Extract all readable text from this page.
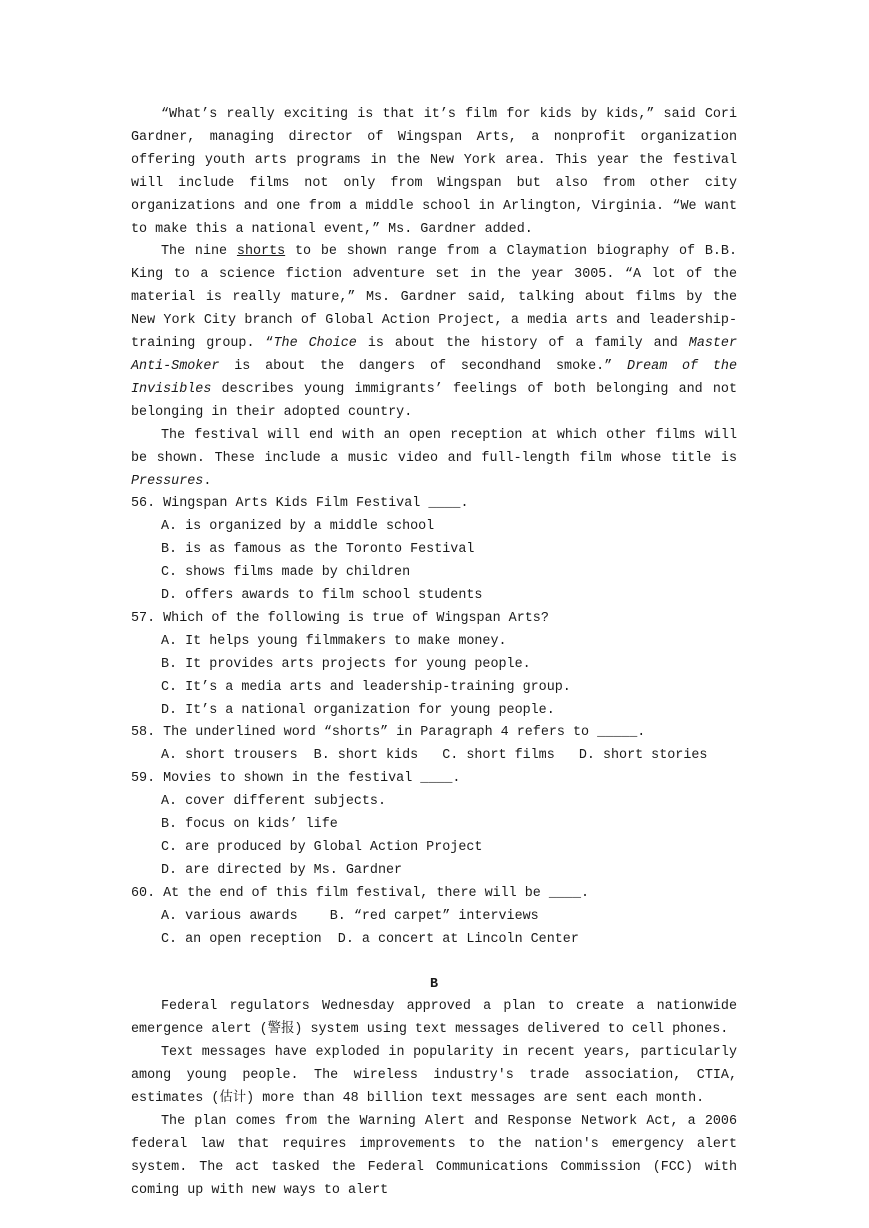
“What’s really exciting is that it’s film for kids by kids,” said Cori Gardner, managing director of Wingspan Arts, a nonprofit organization offering youth arts programs in the New York area. This year the festival will include films not only from Wingspan but also from other city organizations and one from a middle school in Arlington, Virginia. “We want to make this a national event,” Ms. Gardner added.

The nine shorts to be shown range from a Claymation biography of B.B. King to a science fiction adventure set in the year 3005. “A lot of the material is really mature,” Ms. Gardner said, talking about films by the New York City branch of Global Action Project, a media arts and leadership-training group. “The Choice is about the history of a family and Master Anti-Smoker is about the dangers of secondhand smoke.” Dream of the Invisibles describes young immigrants’ feelings of both belonging and not belonging in their adopted country.

The festival will end with an open reception at which other films will be shown. These include a music video and full-length film whose title is Pressures.

56. Wingspan Arts Kids Film Festival ____.

A. is organized by a middle school

B. is as famous as the Toronto Festival

C. shows films made by children

D. offers awards to film school students

57. Which of the following is true of Wingspan Arts?

A. It helps young filmmakers to make money.

B. It provides arts projects for young people.

C. It’s a media arts and leadership-training group.

D. It’s a national organization for young people.

58. The underlined word “shorts” in Paragraph 4 refers to _____.

A. short trousers  B. short kids   C. short films   D. short stories

59. Movies to shown in the festival ____.

A. cover different subjects.

B. focus on kids’ life

C. are produced by Global Action Project

D. are directed by Ms. Gardner

60. At the end of this film festival, there will be ____.

A. various awards    B. “red carpet” interviews

C. an open reception  D. a concert at Lincoln Center

B

Federal regulators Wednesday approved a plan to create a nationwide emergence alert (警报) system using text messages delivered to cell phones.

Text messages have exploded in popularity in recent years, particularly among young people. The wireless industry's trade association, CTIA, estimates (估计) more than 48 billion text messages are sent each month.

The plan comes from the Warning Alert and Response Network Act, a 2006 federal law that requires improvements to the nation's emergency alert system. The act tasked the Federal Communications Commission (FCC) with coming up with new ways to alert
